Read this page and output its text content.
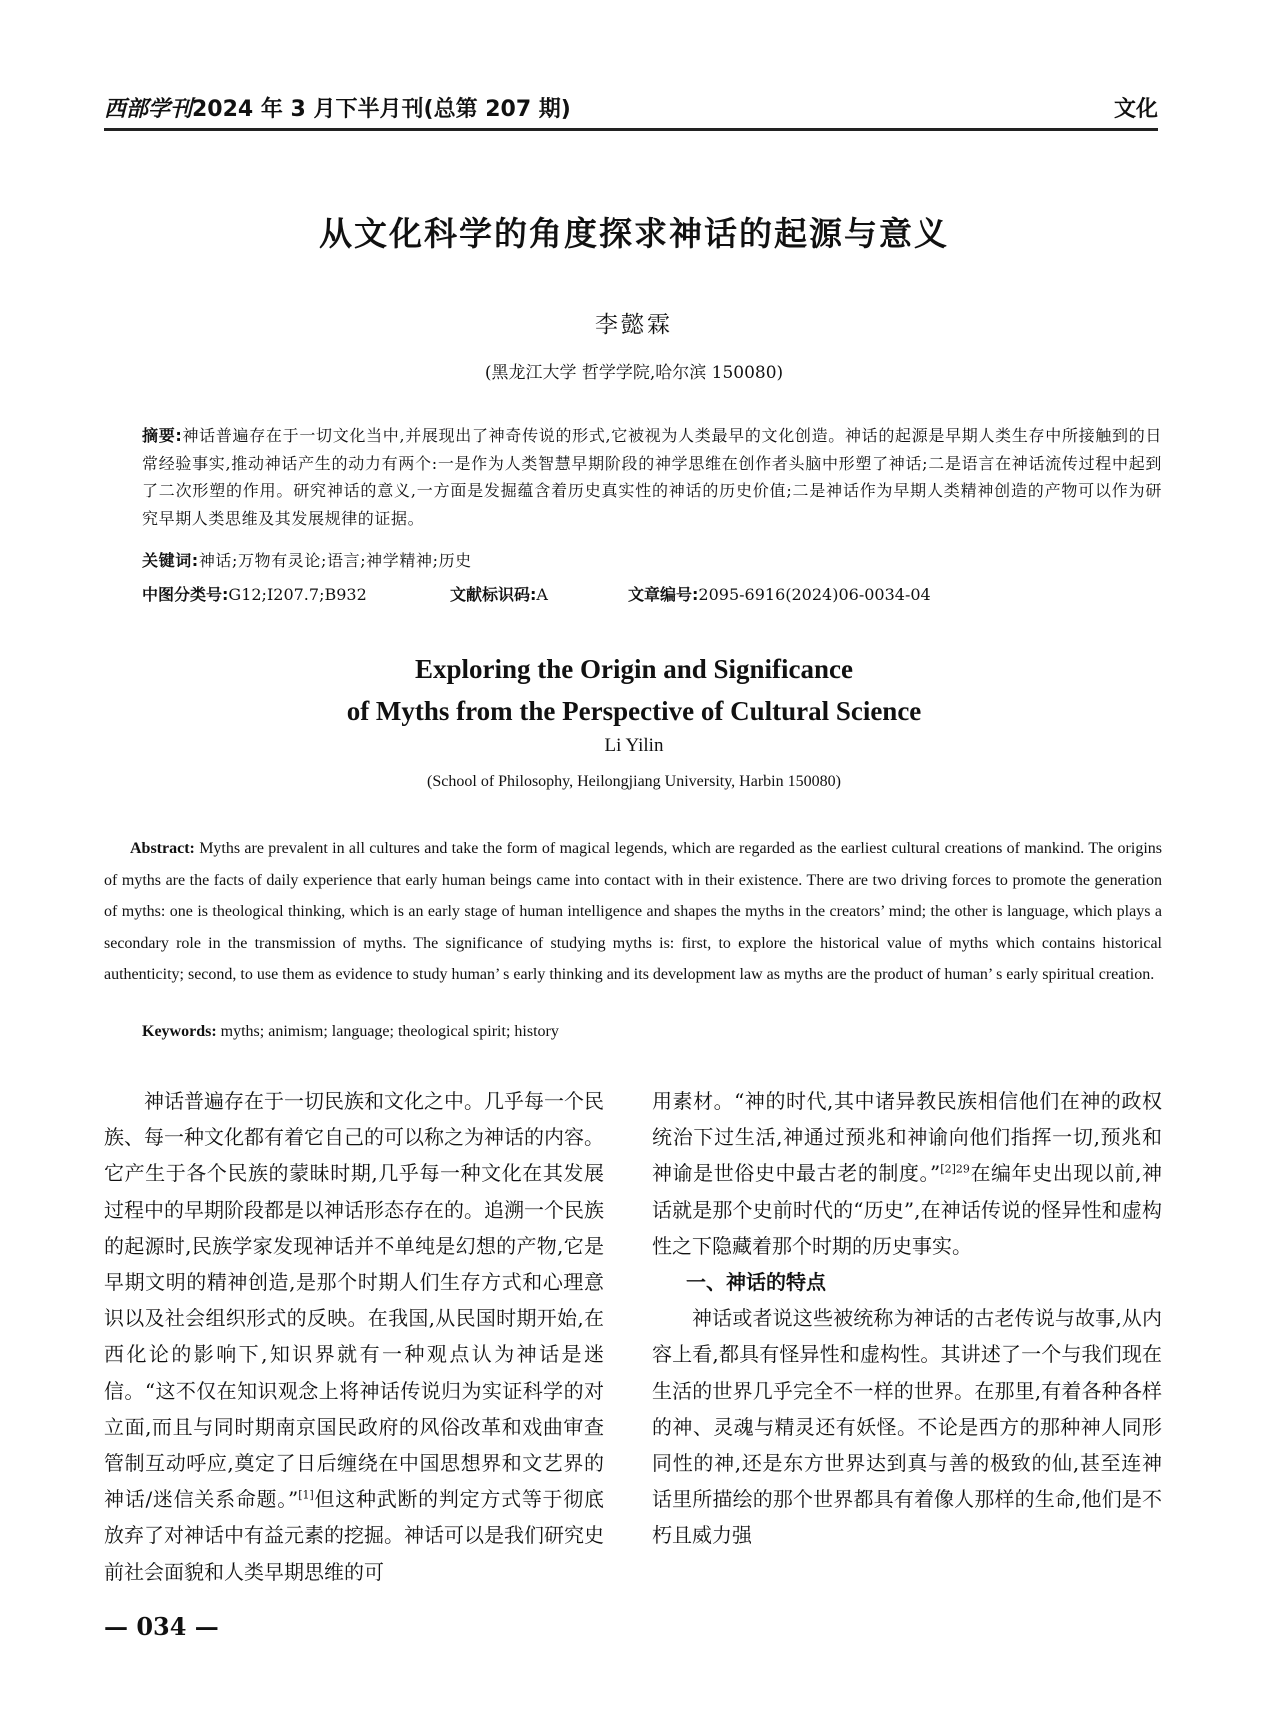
西部学刊 2024 年 3 月下半月刊(总第 207 期)	文化
从文化科学的角度探求神话的起源与意义
李懿霖
(黑龙江大学 哲学学院,哈尔滨 150080)
摘要:神话普遍存在于一切文化当中,并展现出了神奇传说的形式,它被视为人类最早的文化创造。神话的起源是早期人类生存中所接触到的日常经验事实,推动神话产生的动力有两个:一是作为人类智慧早期阶段的神学思维在创作者头脑中形塑了神话;二是语言在神话流传过程中起到了二次形塑的作用。研究神话的意义,一方面是发掘蕴含着历史真实性的神话的历史价值;二是神话作为早期人类精神创造的产物可以作为研究早期人类思维及其发展规律的证据。
关键词:神话;万物有灵论;语言;神学精神;历史
中图分类号:G12;I207.7;B932	文献标识码:A	文章编号:2095-6916(2024)06-0034-04
Exploring the Origin and Significance
of Myths from the Perspective of Cultural Science
Li Yilin
(School of Philosophy, Heilongjiang University, Harbin 150080)
Abstract: Myths are prevalent in all cultures and take the form of magical legends, which are regarded as the earliest cultural creations of mankind. The origins of myths are the facts of daily experience that early human beings came into contact with in their existence. There are two driving forces to promote the generation of myths: one is theological thinking, which is an early stage of human intelligence and shapes the myths in the creators’ mind; the other is language, which plays a secondary role in the transmission of myths. The significance of studying myths is: first, to explore the historical value of myths which contains historical authenticity; second, to use them as evidence to study human’ s early thinking and its development law as myths are the product of human’ s early spiritual creation.
Keywords: myths; animism; language; theological spirit; history

神话普遍存在于一切民族和文化之中。几乎每一个民族、每一种文化都有着它自己的可以称之为神话的内容。它产生于各个民族的蒙昧时期,几乎每一种文化在其发展过程中的早期阶段都是以神话形态存在的。追溯一个民族的起源时,民族学家发现神话并不单纯是幻想的产物,它是早期文明的精神创造,是那个时期人们生存方式和心理意识以及社会组织形式的反映。在我国,从民国时期开始,在西化论的影响下,知识界就有一种观点认为神话是迷信。“这不仅在知识观念上将神话传说归为实证科学的对立面,而且与同时期南京国民政府的风俗改革和戏曲审查管制互动呼应,奠定了日后缠绕在中国思想界和文艺界的神话/迷信关系命题。”[1]但这种武断的判定方式等于彻底放弃了对神话中有益元素的挖掘。神话可以是我们研究史前社会面貌和人类早期思维的可

用素材。“神的时代,其中诸异教民族相信他们在神的政权统治下过生活,神通过预兆和神谕向他们指挥一切,预兆和神谕是世俗史中最古老的制度。”$^{[2]29}$在编年史出现以前,神话就是那个史前时代的“历史”,在神话传说的怪异性和虚构性之下隐藏着那个时期的历史事实。

一、神话的特点

神话或者说这些被统称为神话的古老传说与故事,从内容上看,都具有怪异性和虚构性。其讲述了一个与我们现在生活的世界几乎完全不一样的世界。在那里,有着各种各样的神、灵魂与精灵还有妖怪。不论是西方的那种神人同形同性的神,还是东方世界达到真与善的极致的仙,甚至连神话里所描绘的那个世界都具有着像人那样的生命,他们是不朽且威力强

— 034 —
